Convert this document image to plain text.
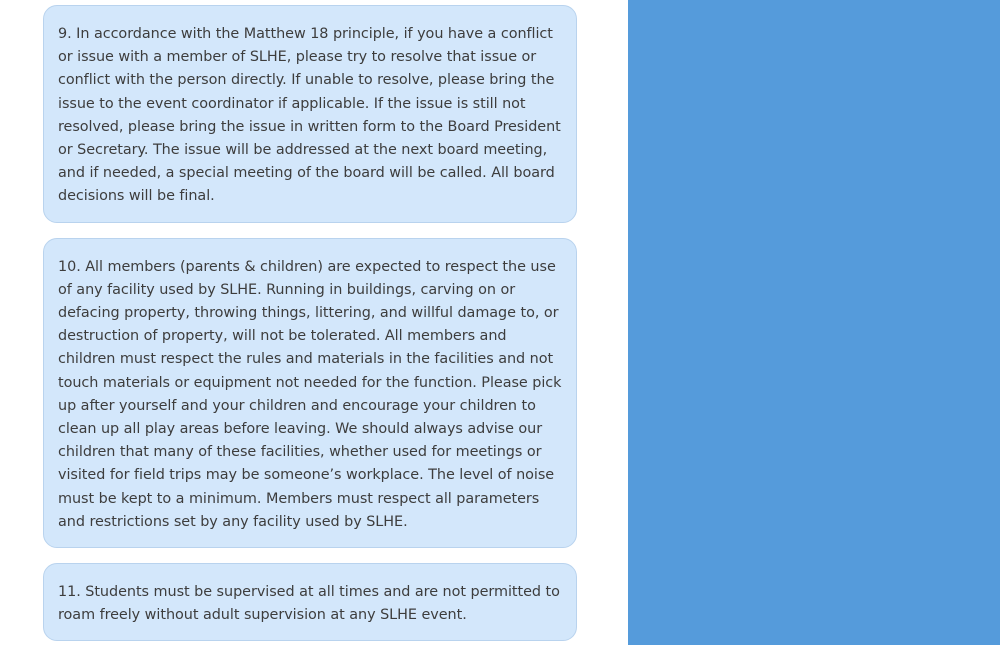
9. In accordance with the Matthew 18 principle, if you have a conflict or issue with a member of SLHE, please try to resolve that issue or conflict with the person directly. If unable to resolve, please bring the issue to the event coordinator if applicable. If the issue is still not resolved, please bring the issue in written form to the Board President or Secretary. The issue will be addressed at the next board meeting, and if needed, a special meeting of the board will be called. All board decisions will be final.

10. All members (parents & children) are expected to respect the use of any facility used by SLHE. Running in buildings, carving on or defacing property, throwing things, littering, and willful damage to, or destruction of property, will not be tolerated. All members and children must respect the rules and materials in the facilities and not touch materials or equipment not needed for the function. Please pick up after yourself and your children and encourage your children to clean up all play areas before leaving. We should always advise our children that many of these facilities, whether used for meetings or visited for field trips may be someone’s workplace. The level of noise must be kept to a minimum. Members must respect all parameters and restrictions set by any facility used by SLHE.

11. Students must be supervised at all times and are not permitted to roam freely without adult supervision at any SLHE event.
